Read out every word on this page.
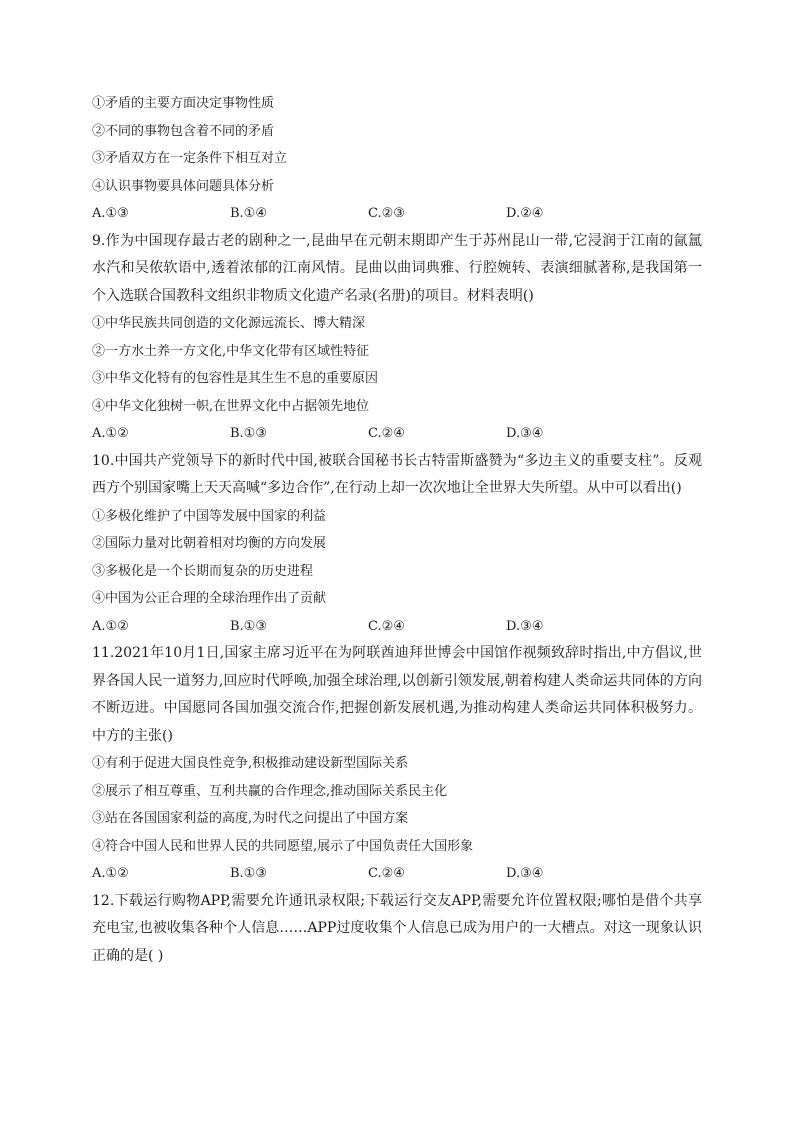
①矛盾的主要方面决定事物性质
②不同的事物包含着不同的矛盾
③矛盾双方在一定条件下相互对立
④认识事物要具体问题具体分析
A.①③	B.①④	C.②③	D.②④
9.作为中国现存最古老的剧种之一,昆曲早在元朝末期即产生于苏州昆山一带,它浸润于江南的氤氲水汽和吴侬软语中,透着浓郁的江南风情。昆曲以曲词典雅、行腔婉转、表演细腻著称,是我国第一个入选联合国教科文组织非物质文化遗产名录(名册)的项目。材料表明()
①中华民族共同创造的文化源远流长、博大精深
②一方水土养一方文化,中华文化带有区域性特征
③中华文化特有的包容性是其生生不息的重要原因
④中华文化独树一帜,在世界文化中占据领先地位
A.①②	B.①③	C.②④	D.③④
10.中国共产党领导下的新时代中国,被联合国秘书长古特雷斯盛赞为“多边主义的重要支柱”。反观西方个别国家嘴上天天高喊“多边合作”,在行动上却一次次地让全世界大失所望。从中可以看出()
①多极化维护了中国等发展中国家的利益
②国际力量对比朝着相对均衡的方向发展
③多极化是一个长期而复杂的历史进程
④中国为公正合理的全球治理作出了贡献
A.①②	B.①③	C.②④	D.③④
11.2021年10月1日,国家主席习近平在为阿联酋迪拜世博会中国馆作视频致辞时指出,中方倡议,世界各国人民一道努力,回应时代呼唤,加强全球治理,以创新引领发展,朝着构建人类命运共同体的方向不断迈进。中国愿同各国加强交流合作,把握创新发展机遇,为推动构建人类命运共同体积极努力。中方的主张()
①有利于促进大国良性竞争,积极推动建设新型国际关系
②展示了相互尊重、互利共赢的合作理念,推动国际关系民主化
③站在各国国家利益的高度,为时代之问提出了中国方案
④符合中国人民和世界人民的共同愿望,展示了中国负责任大国形象
A.①②	B.①③	C.②④	D.③④
12.下载运行购物APP,需要允许通讯录权限;下载运行交友APP,需要允许位置权限;哪怕是借个共享充电宝,也被收集各种个人信息……APP过度收集个人信息已成为用户的一大槽点。对这一现象认识正确的是( )
